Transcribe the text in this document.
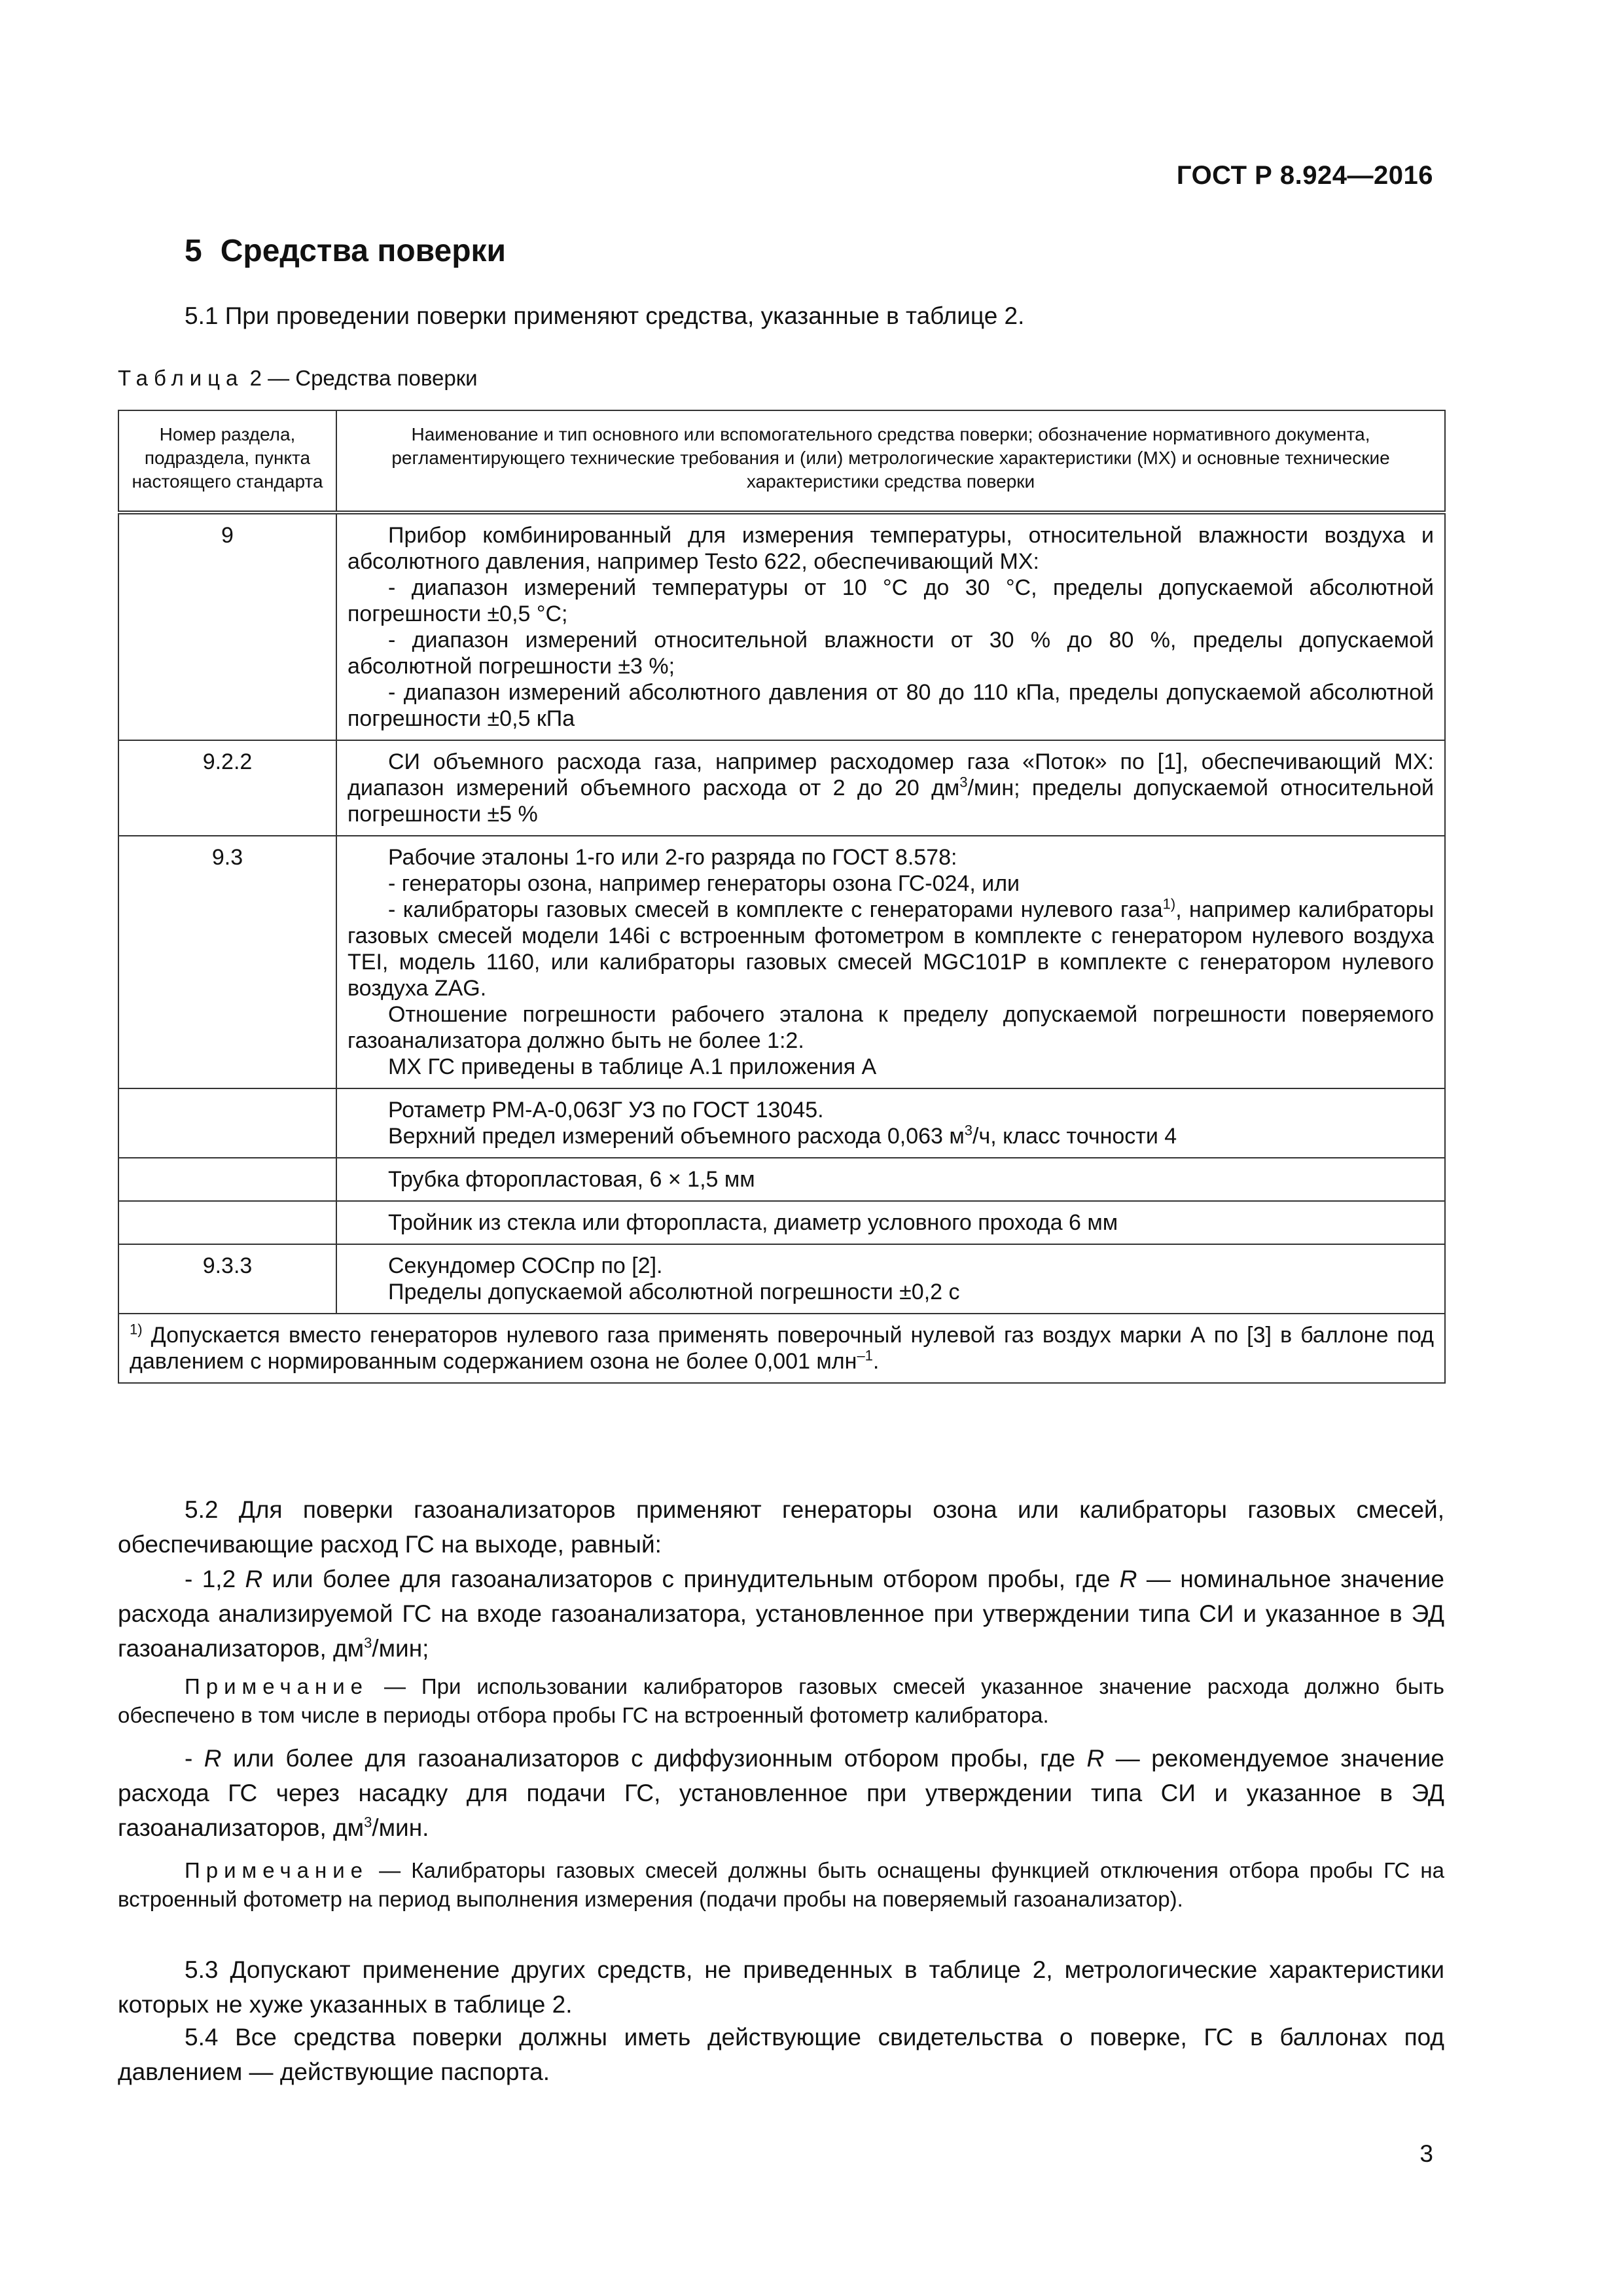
ГОСТ Р 8.924—2016
5 Средства поверки
5.1 При проведении поверки применяют средства, указанные в таблице 2.
Таблица 2 — Средства поверки
Номер раздела, подраздела, пункта настоящего стандарта	Наименование и тип основного или вспомогательного средства поверки; обозначение нормативного документа, регламентирующего технические требования и (или) метрологические характеристики (МХ) и основные технические характеристики средства поверки
9	Прибор комбинированный для измерения температуры, относительной влажности воздуха и абсолютного давления, например Testo 622, обеспечивающий МХ:
- диапазон измерений температуры от 10 °С до 30 °С, пределы допускаемой абсолютной погрешности ±0,5 °С;
- диапазон измерений относительной влажности от 30 % до 80 %, пределы допускаемой абсолютной погрешности ±3 %;
- диапазон измерений абсолютного давления от 80 до 110 кПа, пределы допускаемой абсолютной погрешности ±0,5 кПа

9.2.2	СИ объемного расхода газа, например расходомер газа «Поток» по [1], обеспечивающий МХ: диапазон измерений объемного расхода от 2 до 20 $дм^3$/мин; пределы допускаемой относительной погрешности ±5 %

9.3	Рабочие эталоны 1-го или 2-го разряда по ГОСТ 8.578:
- генераторы озона, например генераторы озона ГС-024, или
- калибраторы газовых смесей в комплекте с генераторами нулевого газа$^{1)}$, например калибраторы газовых смесей модели 146i с встроенным фотометром в комплекте с генератором нулевого воздуха TEI, модель 1160, или калибраторы газовых смесей MGC101P в комплекте с генератором нулевого воздуха ZAG.
Отношение погрешности рабочего эталона к пределу допускаемой погрешности поверяемого газоанализатора должно быть не более 1:2.
МХ ГС приведены в таблице А.1 приложения А

	Ротаметр РМ-А-0,063Г УЗ по ГОСТ 13045.
Верхний предел измерений объемного расхода 0,063 $м^3/ч$, класс точности 4

	Трубка фторопластовая, 6 × 1,5 мм

	Тройник из стекла или фторопласта, диаметр условного прохода 6 мм

9.3.3	Секундомер СОСпр по [2].
Пределы допускаемой абсолютной погрешности ±0,2 с

$^{1)}$ Допускается вместо генераторов нулевого газа применять поверочный нулевой газ воздух марки А по [3] в баллоне под давлением с нормированным содержанием озона не более 0,001 млн$^{-1}$.	
5.2 Для поверки газоанализаторов применяют генераторы озона или калибраторы газовых смесей, обеспечивающие расход ГС на выходе, равный:
- 1,2 R или более для газоанализаторов с принудительным отбором пробы, где R — номинальное значение расхода анализируемой ГС на входе газоанализатора, установленное при утверждении типа СИ и указанное в ЭД газоанализаторов, $дм^3$/мин;
Примечание — При использовании калибраторов газовых смесей указанное значение расхода должно быть обеспечено в том числе в периоды отбора пробы ГС на встроенный фотометр калибратора.
- R или более для газоанализаторов с диффузионным отбором пробы, где R — рекомендуемое значение расхода ГС через насадку для подачи ГС, установленное при утверждении типа СИ и указанное в ЭД газоанализаторов, $дм^3$/мин.
Примечание — Калибраторы газовых смесей должны быть оснащены функцией отключения отбора пробы ГС на встроенный фотометр на период выполнения измерения (подачи пробы на поверяемый газоанализатор).
5.3 Допускают применение других средств, не приведенных в таблице 2, метрологические характеристики которых не хуже указанных в таблице 2.
5.4 Все средства поверки должны иметь действующие свидетельства о поверке, ГС в баллонах под давлением — действующие паспорта.
3
